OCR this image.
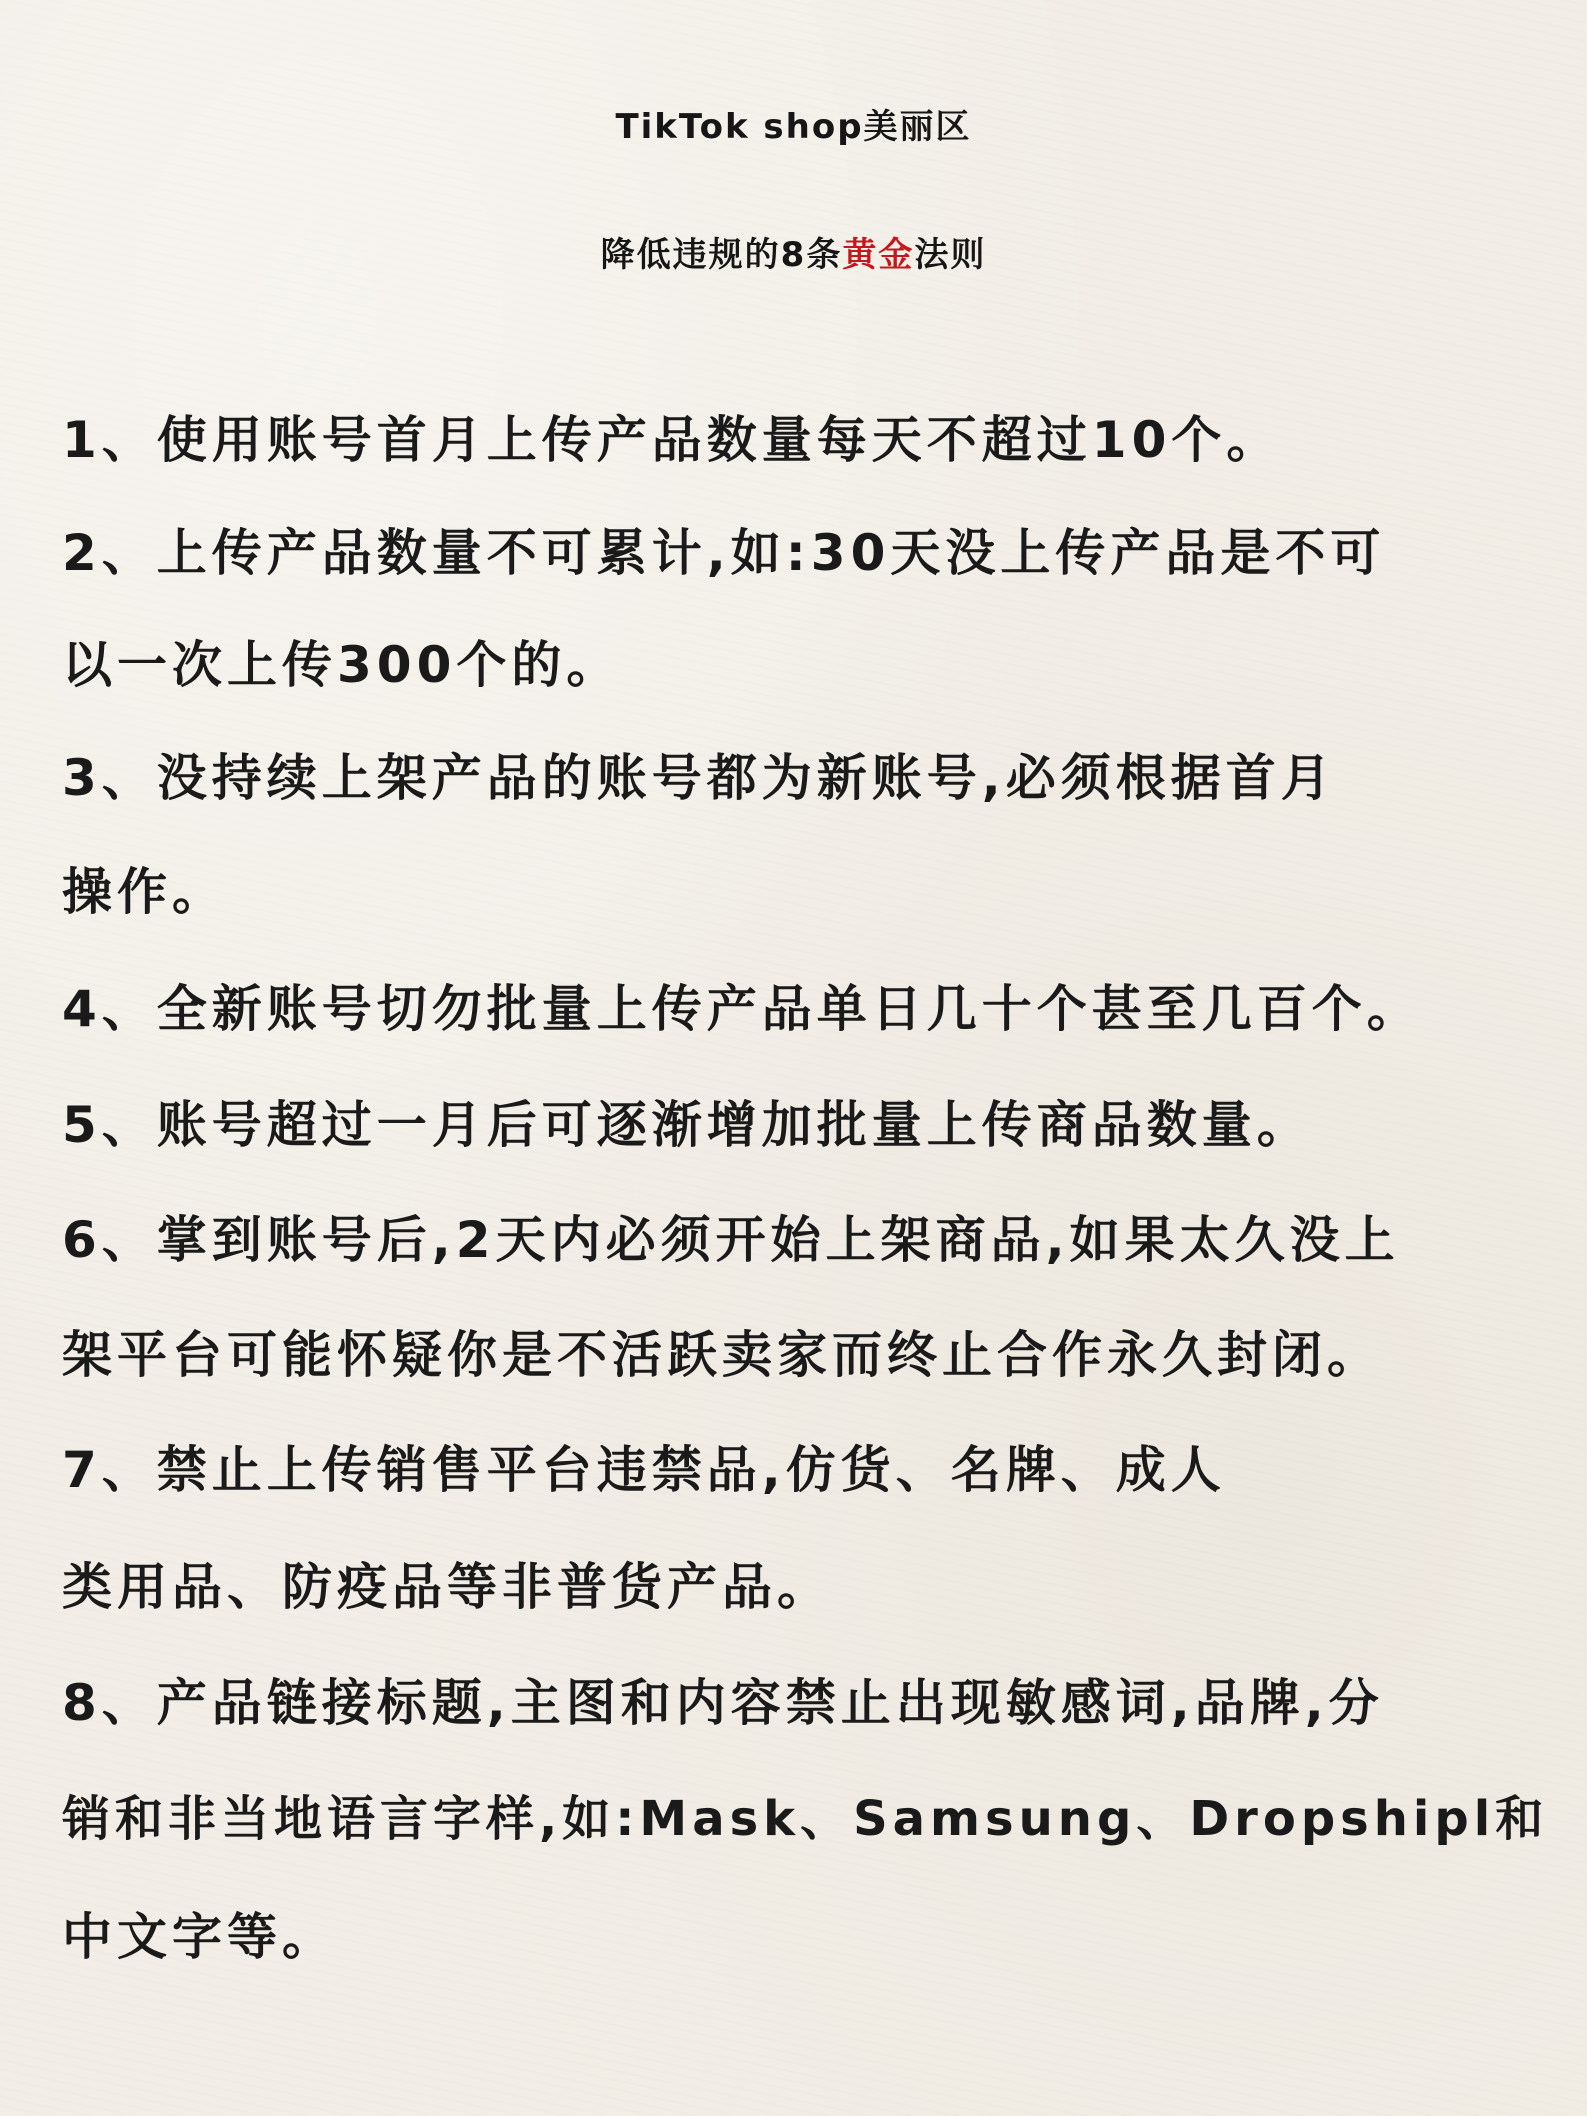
TikTok shop美丽区
降低违规的8条黄金法则
1、使用账号首月上传产品数量每天不超过10个。
2、上传产品数量不可累计,如:30天没上传产品是不可
以一次上传300个的。
3、没持续上架产品的账号都为新账号,必须根据首月
操作。
4、全新账号切勿批量上传产品单日几十个甚至几百个。
5、账号超过一月后可逐渐增加批量上传商品数量。
6、掌到账号后,2天内必须开始上架商品,如果太久没上
架平台可能怀疑你是不活跃卖家而终止合作永久封闭。
7、禁止上传销售平台违禁品,仿货、名牌、成人
类用品、防疫品等非普货产品。
8、产品链接标题,主图和内容禁止出现敏感词,品牌,分
销和非当地语言字样,如:Mask、Samsung、Dropshipl和
中文字等。
